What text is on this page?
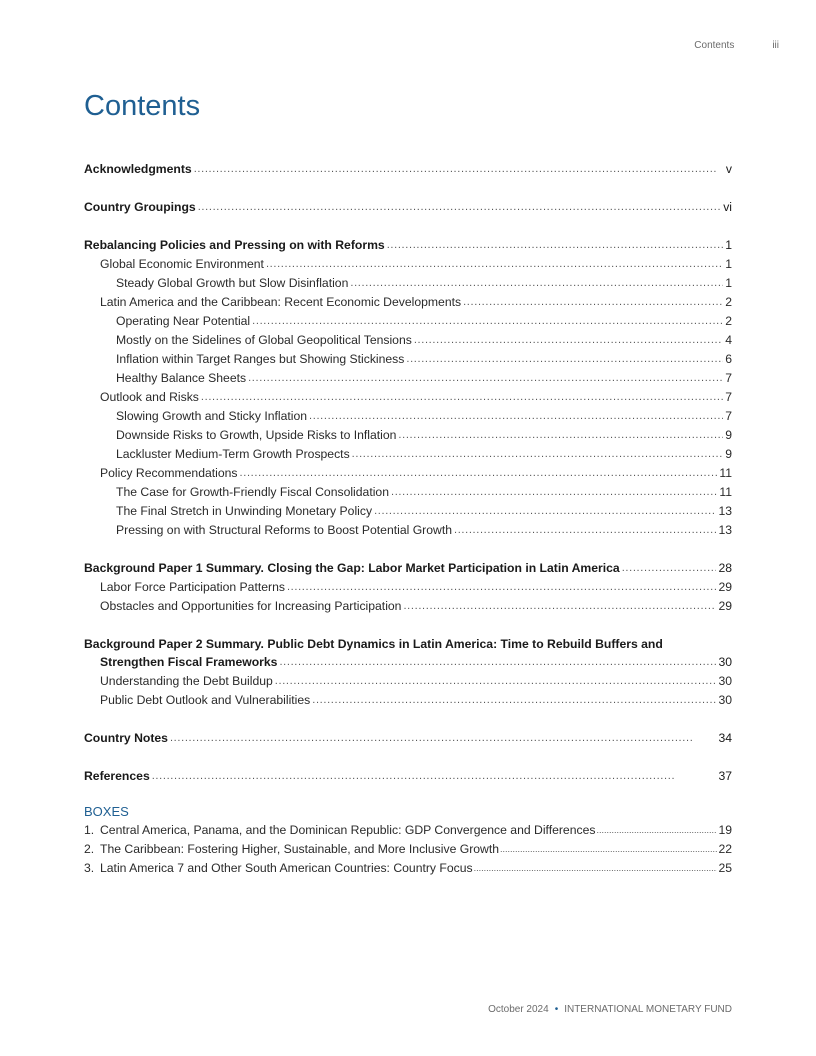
Contents	iii
Contents
Acknowledgments . . .	v
Country Groupings . . .	vi
Rebalancing Policies and Pressing on with Reforms . . .	1
Global Economic Environment . . .	1
Steady Global Growth but Slow Disinflation . . .	1
Latin America and the Caribbean: Recent Economic Developments . . .	2
Operating Near Potential . . .	2
Mostly on the Sidelines of Global Geopolitical Tensions . . .	4
Inflation within Target Ranges but Showing Stickiness . . .	6
Healthy Balance Sheets . . .	7
Outlook and Risks . . .	7
Slowing Growth and Sticky Inflation . . .	7
Downside Risks to Growth, Upside Risks to Inflation . . .	9
Lackluster Medium-Term Growth Prospects . . .	9
Policy Recommendations . . .	11
The Case for Growth-Friendly Fiscal Consolidation . . .	11
The Final Stretch in Unwinding Monetary Policy . . .	13
Pressing on with Structural Reforms to Boost Potential Growth . . .	13
Background Paper 1 Summary. Closing the Gap: Labor Market Participation in Latin America . . .	28
Labor Force Participation Patterns . . .	29
Obstacles and Opportunities for Increasing Participation . . .	29
Background Paper 2 Summary. Public Debt Dynamics in Latin America: Time to Rebuild Buffers and
Strengthen Fiscal Frameworks . . .	30
Understanding the Debt Buildup . . .	30
Public Debt Outlook and Vulnerabilities . . .	30
Country Notes . . .	34
References . . .	37
BOXES
1. Central America, Panama, and the Dominican Republic: GDP Convergence and Differences .....	19
2. The Caribbean: Fostering Higher, Sustainable, and More Inclusive Growth .....	22
3. Latin America 7 and Other South American Countries: Country Focus .....	25
October 2024 • INTERNATIONAL MONETARY FUND
